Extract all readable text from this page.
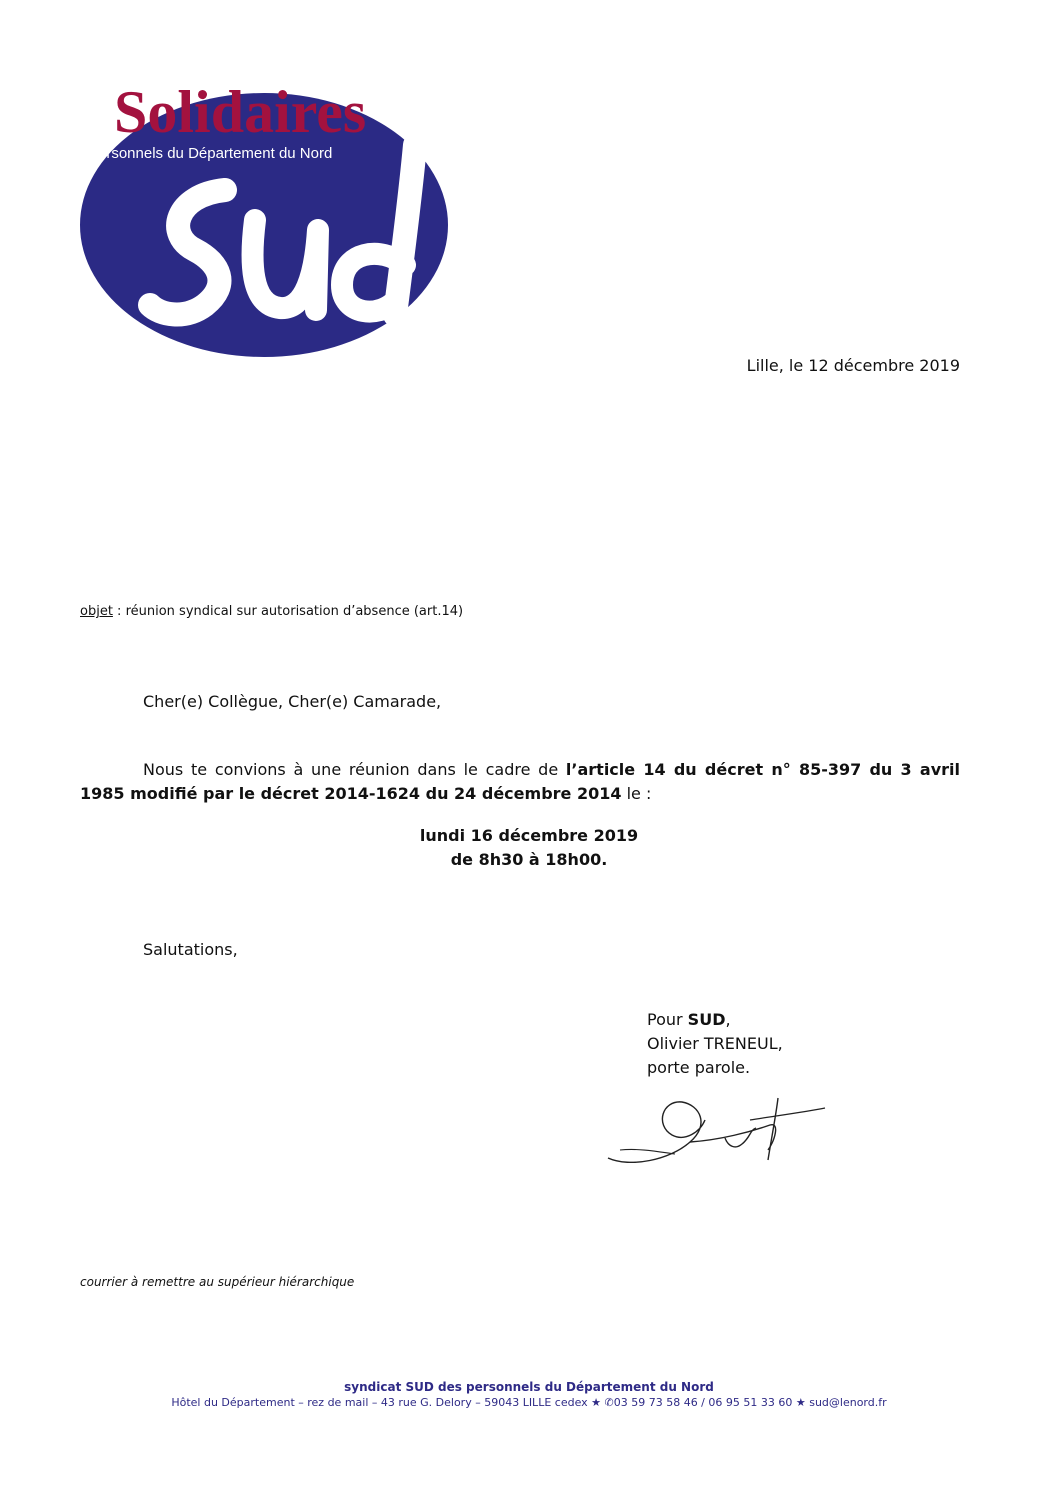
Solidaires
Personnels du Département du Nord
Lille, le 12 décembre 2019
objet : réunion syndical sur autorisation d’absence (art.14)
Cher(e) Collègue, Cher(e) Camarade,
Nous te convions à une réunion dans le cadre de l’article 14 du décret n° 85-397 du 3 avril 1985 modifié par le décret 2014-1624 du 24 décembre 2014 le :
lundi 16 décembre 2019
de 8h30 à 18h00.
Salutations,
Pour SUD,
Olivier TRENEUL,
porte parole.
courrier à remettre au supérieur hiérarchique
syndicat SUD des personnels du Département du Nord
Hôtel du Département – rez de mail – 43 rue G. Delory – 59043 LILLE cedex ★ ✆03 59 73 58 46 / 06 95 51 33 60 ★ sud@lenord.fr
